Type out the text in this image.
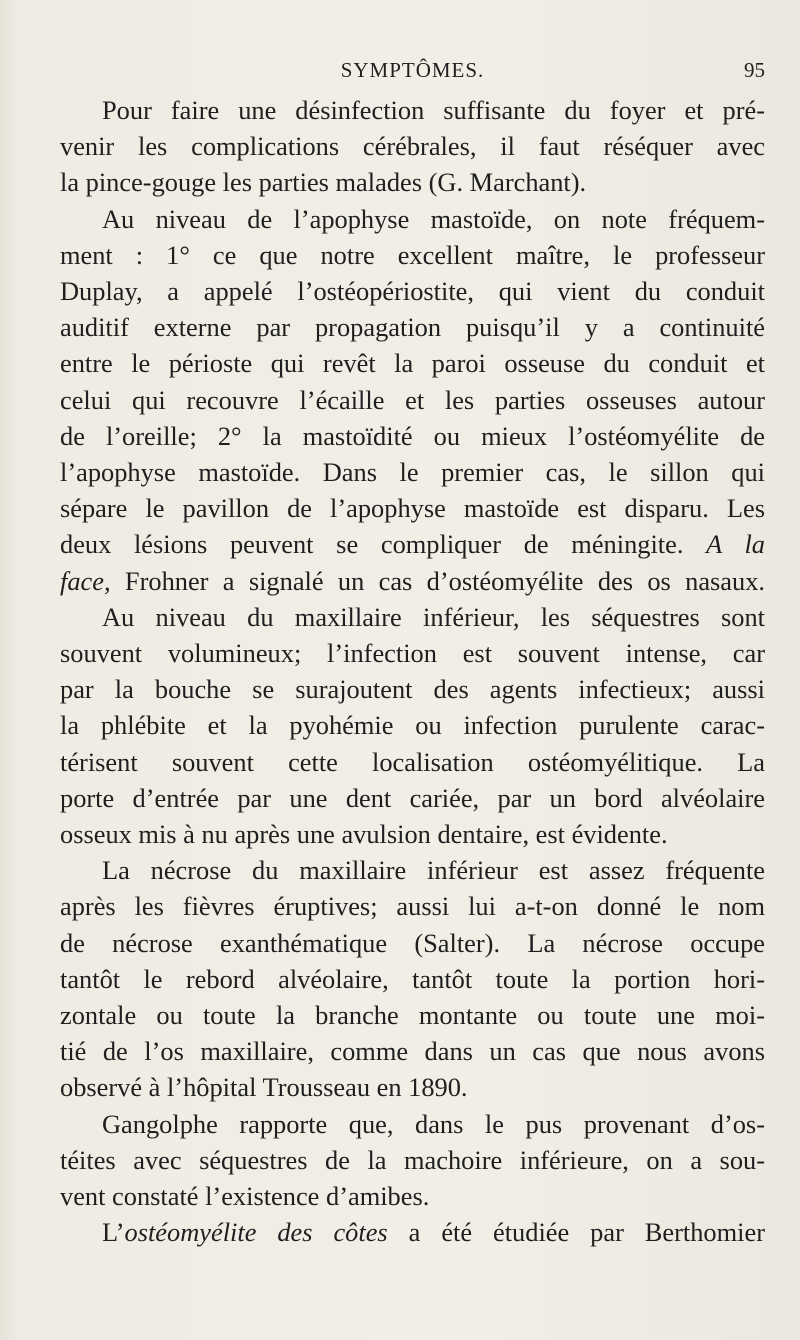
SYMPTÔMES.	95
Pour faire une désinfection suffisante du foyer et pré-
venir les complications cérébrales, il faut réséquer avec
la pince-gouge les parties malades (G. Marchant).
Au niveau de l’apophyse mastoïde, on note fréquem-
ment : 1° ce que notre excellent maître, le professeur
Duplay, a appelé l’ostéopériostite, qui vient du conduit
auditif externe par propagation puisqu’il y a continuité
entre le périoste qui revêt la paroi osseuse du conduit et
celui qui recouvre l’écaille et les parties osseuses autour
de l’oreille; 2° la mastoïdité ou mieux l’ostéomyélite de
l’apophyse mastoïde. Dans le premier cas, le sillon qui
sépare le pavillon de l’apophyse mastoïde est disparu. Les
deux lésions peuvent se compliquer de méningite. A la
face, Frohner a signalé un cas d’ostéomyélite des os nasaux.
Au niveau du maxillaire inférieur, les séquestres sont
souvent volumineux; l’infection est souvent intense, car
par la bouche se surajoutent des agents infectieux; aussi
la phlébite et la pyohémie ou infection purulente carac-
térisent souvent cette localisation ostéomyélitique. La
porte d’entrée par une dent cariée, par un bord alvéolaire
osseux mis à nu après une avulsion dentaire, est évidente.
La nécrose du maxillaire inférieur est assez fréquente
après les fièvres éruptives; aussi lui a-t-on donné le nom
de nécrose exanthématique (Salter). La nécrose occupe
tantôt le rebord alvéolaire, tantôt toute la portion hori-
zontale ou toute la branche montante ou toute une moi-
tié de l’os maxillaire, comme dans un cas que nous avons
observé à l’hôpital Trousseau en 1890.
Gangolphe rapporte que, dans le pus provenant d’os-
téites avec séquestres de la machoire inférieure, on a sou-
vent constaté l’existence d’amibes.
L’ostéomyélite des côtes a été étudiée par Berthomier
